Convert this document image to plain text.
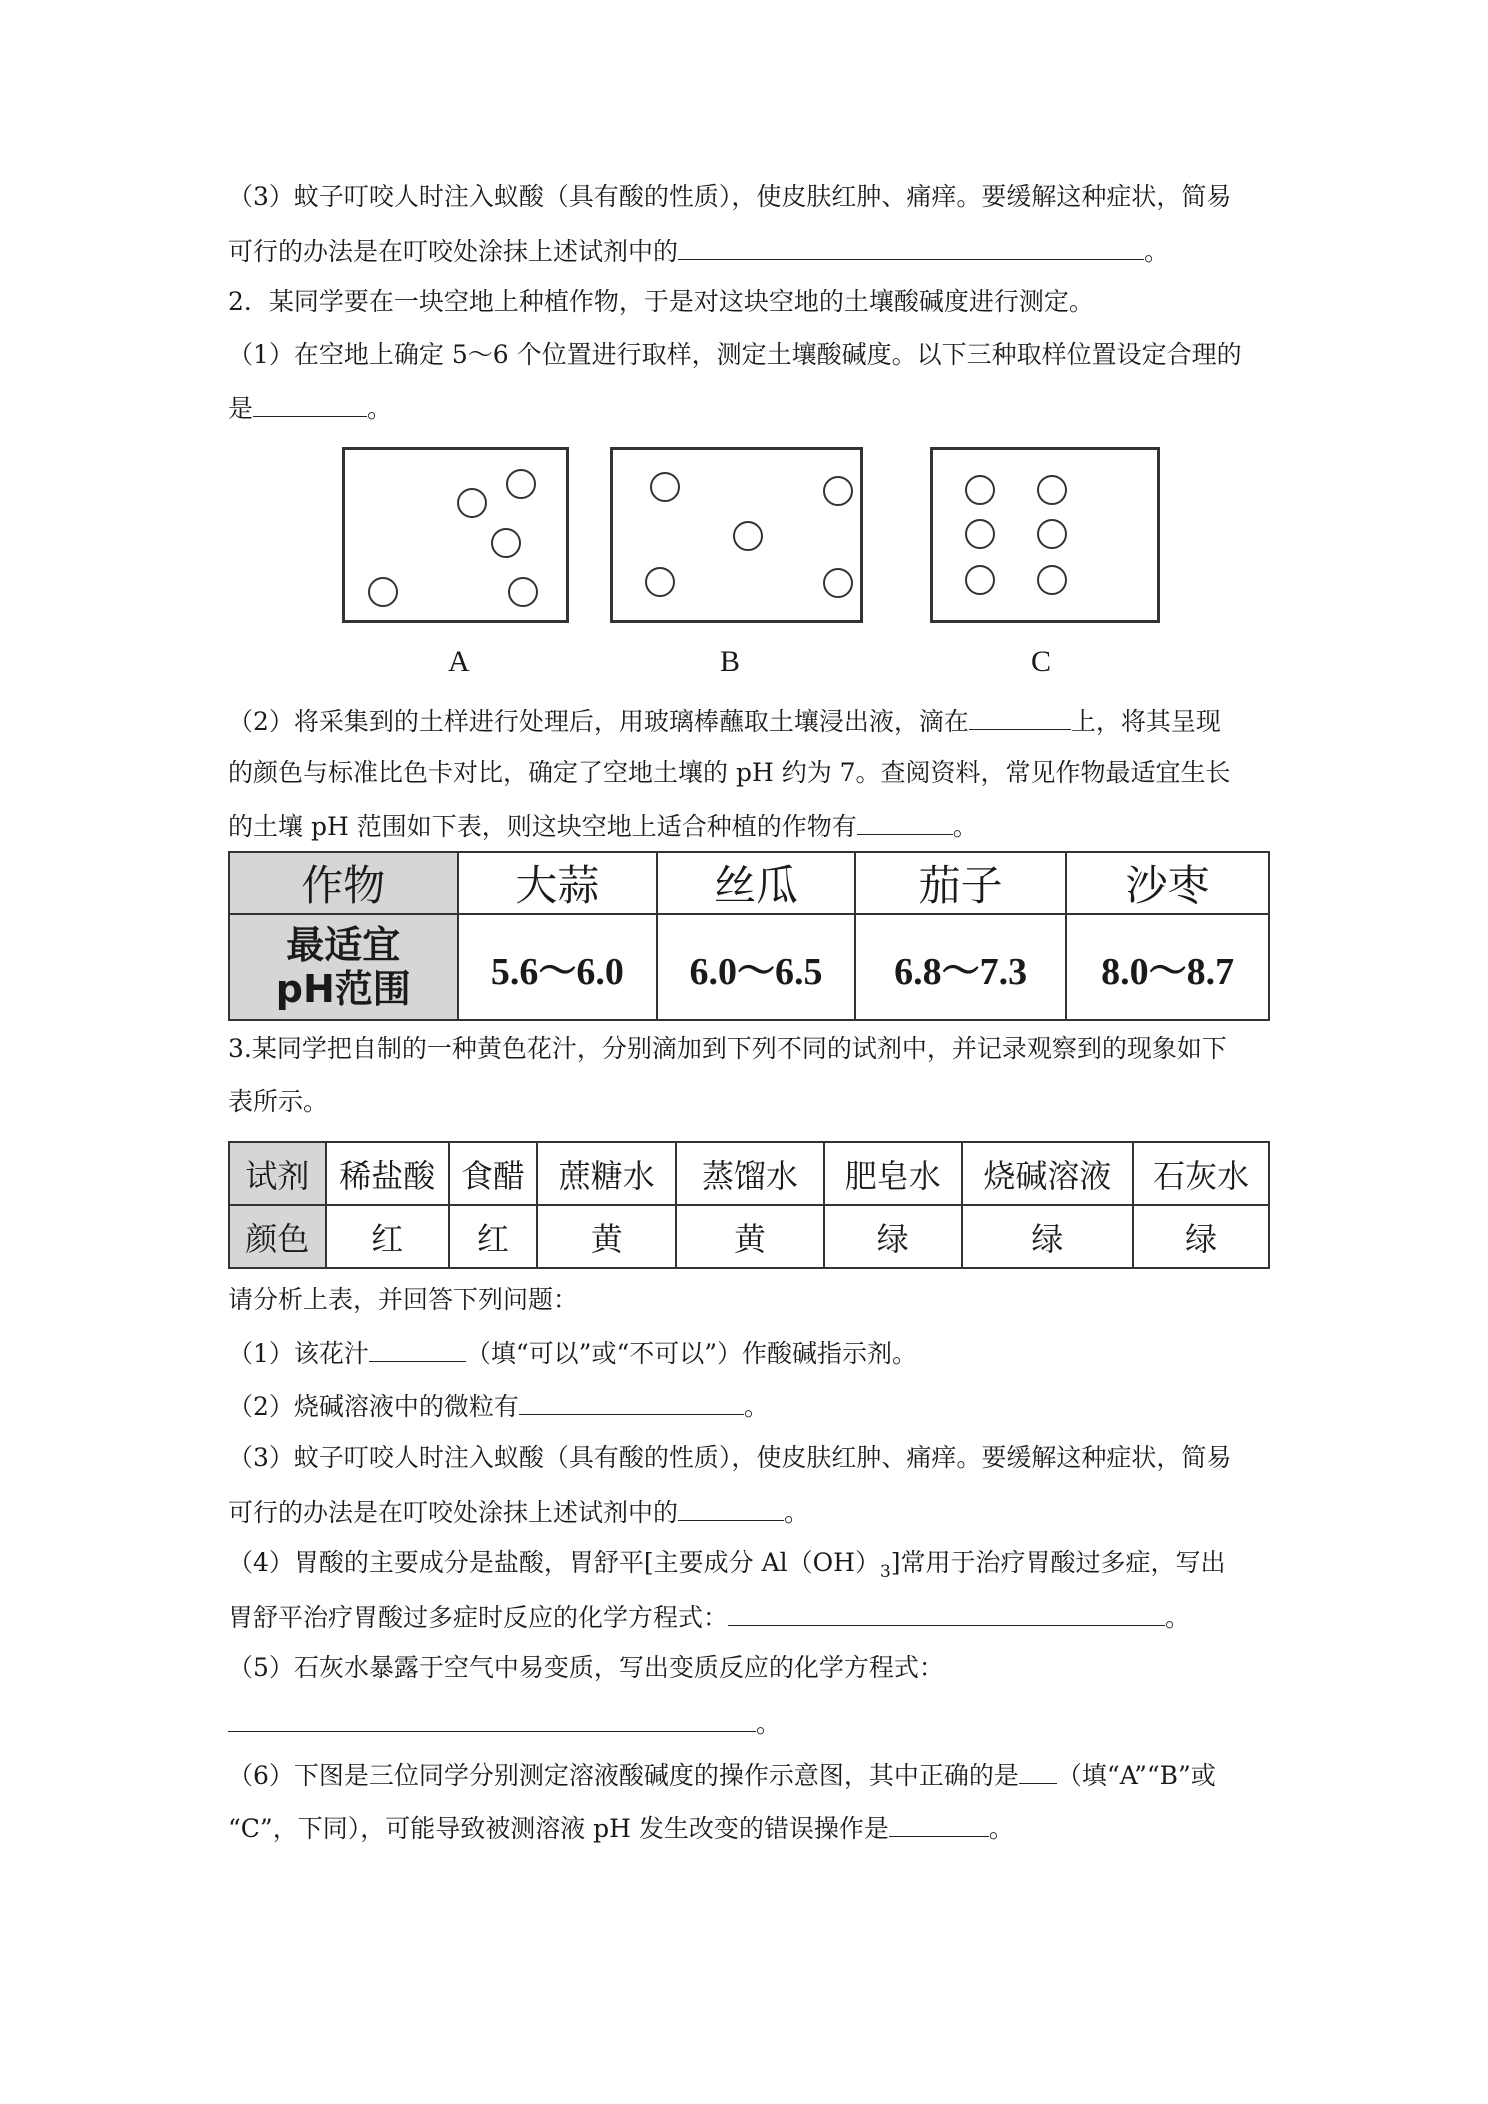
（3）蚊子叮咬人时注入蚁酸（具有酸的性质），使皮肤红肿、痛痒。要缓解这种症状，简易
可行的办法是在叮咬处涂抹上述试剂中的	。
2．某同学要在一块空地上种植作物，于是对这块空地的土壤酸碱度进行测定。
（1）在空地上确定 5～6 个位置进行取样，测定土壤酸碱度。以下三种取样位置设定合理的
是	。
A	B	C
（2）将采集到的土样进行处理后，用玻璃棒蘸取土壤浸出液，滴在	上，将其呈现
的颜色与标准比色卡对比，确定了空地土壤的 pH 约为 7。查阅资料，常见作物最适宜生长
的土壤 pH 范围如下表，则这块空地上适合种植的作物有	。
作物	大蒜	丝瓜	茄子	沙枣

最适宜
pH范围	5.6～6.0	6.0～6.5	6.8～7.3	8.0～8.7
3.某同学把自制的一种黄色花汁，分别滴加到下列不同的试剂中，并记录观察到的现象如下
表所示。
试剂	稀盐酸	食醋	蔗糖水	蒸馏水	肥皂水	烧碱溶液	石灰水
颜色	红	红	黄	黄	绿	绿	绿
请分析上表，并回答下列问题：
（1）该花汁	（填“可以”或“不可以”）作酸碱指示剂。
（2）烧碱溶液中的微粒有	。
（3）蚊子叮咬人时注入蚁酸（具有酸的性质），使皮肤红肿、痛痒。要缓解这种症状，简易
可行的办法是在叮咬处涂抹上述试剂中的	。
（4）胃酸的主要成分是盐酸，胃舒平[主要成分 $Al(OH)_3$]常用于治疗胃酸过多症，写出
胃舒平治疗胃酸过多症时反应的化学方程式：	。
（5）石灰水暴露于空气中易变质，写出变质反应的化学方程式：
。
（6）下图是三位同学分别测定溶液酸碱度的操作示意图，其中正确的是 （填“A”“B”或
“C”，下同），可能导致被测溶液 pH 发生改变的错误操作是	。
